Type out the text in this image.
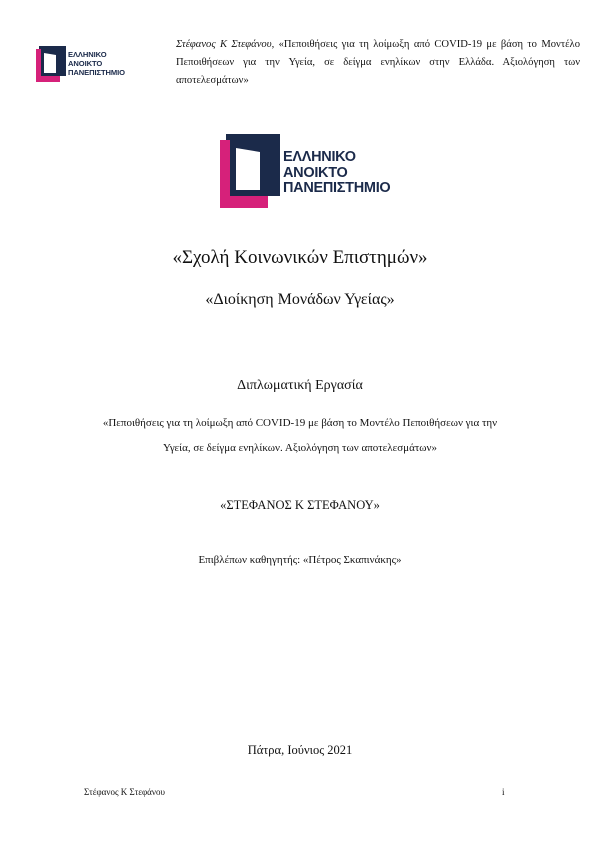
ΕΛΛΗΝΙΚΟ
ΑΝΟΙΚΤΟ
ΠΑΝΕΠΙΣΤΗΜΙΟ
Στέφανος Κ Στεφάνου, «Πεποιθήσεις για τη λοίμωξη από COVID-19 με βάση το Μοντέλο Πεποιθήσεων για την Υγεία, σε δείγμα ενηλίκων στην Ελλάδα. Αξιολόγηση των αποτελεσμάτων»
ΕΛΛΗΝΙΚΟ
ΑΝΟΙΚΤΟ
ΠΑΝΕΠΙΣΤΗΜΙΟ
«Σχολή Κοινωνικών Επιστημών»
«Διοίκηση Μονάδων Υγείας»
Διπλωματική Εργασία
«Πεποιθήσεις για τη λοίμωξη από COVID-19 με βάση το Μοντέλο Πεποιθήσεων για την
Υγεία, σε δείγμα ενηλίκων. Αξιολόγηση των αποτελεσμάτων»
«ΣΤΕΦΑΝΟΣ Κ ΣΤΕΦΑΝΟΥ»
Επιβλέπων καθηγητής: «Πέτρος Σκαπινάκης»
Πάτρα, Ιούνιος 2021
Στέφανος Κ Στεφάνου	i
